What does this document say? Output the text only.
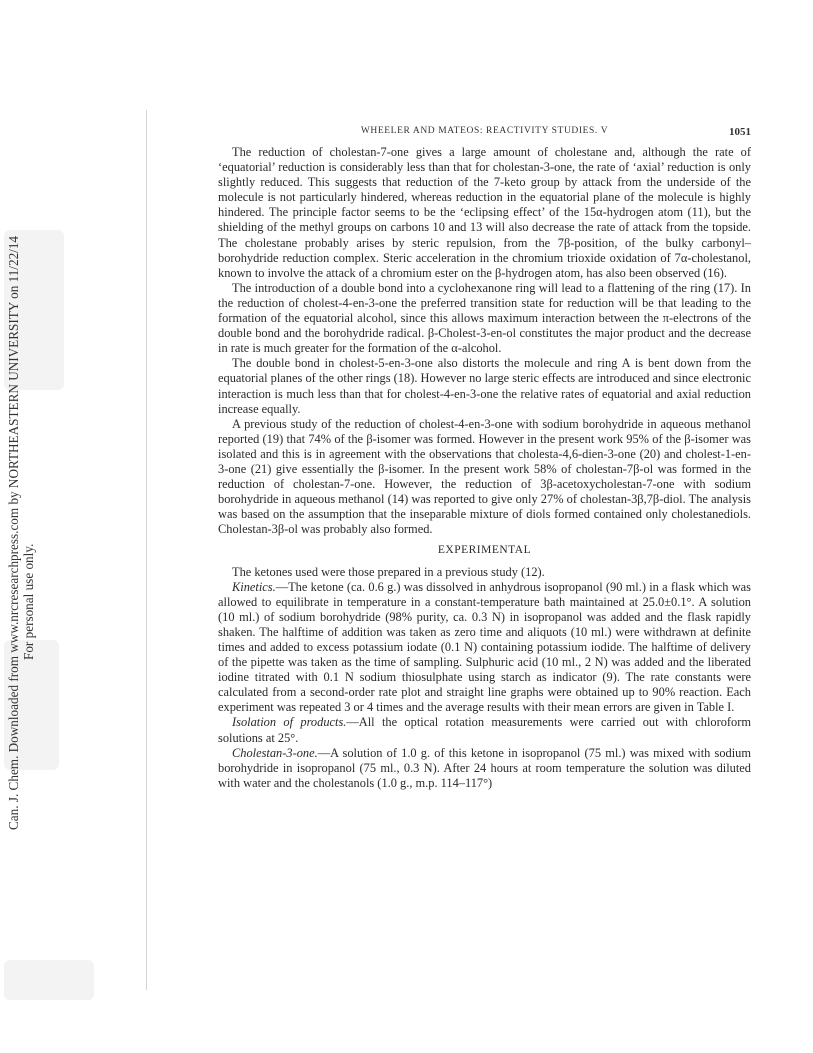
Can. J. Chem. Downloaded from www.nrcresearchpress.com by NORTHEASTERN UNIVERSITY on 11/22/14 For personal use only.
WHEELER AND MATEOS: REACTIVITY STUDIES. V	1051

The reduction of cholestan-7-one gives a large amount of cholestane and, although the rate of ‘equatorial’ reduction is considerably less than that for cholestan-3-one, the rate of ‘axial’ reduction is only slightly reduced. This suggests that reduction of the 7-keto group by attack from the underside of the molecule is not particularly hindered, whereas reduction in the equatorial plane of the molecule is highly hindered. The principle factor seems to be the ‘eclipsing effect’ of the 15α-hydrogen atom (11), but the shielding of the methyl groups on carbons 10 and 13 will also decrease the rate of attack from the topside. The cholestane probably arises by steric repulsion, from the 7β-position, of the bulky carbonyl–borohydride reduction complex. Steric acceleration in the chromium trioxide oxidation of 7α-cholestanol, known to involve the attack of a chromium ester on the β-hydrogen atom, has also been observed (16).

The introduction of a double bond into a cyclohexanone ring will lead to a flattening of the ring (17). In the reduction of cholest-4-en-3-one the preferred transition state for reduction will be that leading to the formation of the equatorial alcohol, since this allows maximum interaction between the π-electrons of the double bond and the borohydride radical. β-Cholest-3-en-ol constitutes the major product and the decrease in rate is much greater for the formation of the α-alcohol.

The double bond in cholest-5-en-3-one also distorts the molecule and ring A is bent down from the equatorial planes of the other rings (18). However no large steric effects are introduced and since electronic interaction is much less than that for cholest-4-en-3-one the relative rates of equatorial and axial reduction increase equally.

A previous study of the reduction of cholest-4-en-3-one with sodium borohydride in aqueous methanol reported (19) that 74% of the β-isomer was formed. However in the present work 95% of the β-isomer was isolated and this is in agreement with the observations that cholesta-4,6-dien-3-one (20) and cholest-1-en-3-one (21) give essentially the β-isomer. In the present work 58% of cholestan-7β-ol was formed in the reduction of cholestan-7-one. However, the reduction of 3β-acetoxycholestan-7-one with sodium borohydride in aqueous methanol (14) was reported to give only 27% of cholestan-3β,7β-diol. The analysis was based on the assumption that the inseparable mixture of diols formed contained only cholestanediols. Cholestan-3β-ol was probably also formed.

EXPERIMENTAL

The ketones used were those prepared in a previous study (12).

Kinetics.—The ketone (ca. 0.6 g.) was dissolved in anhydrous isopropanol (90 ml.) in a flask which was allowed to equilibrate in temperature in a constant-temperature bath maintained at 25.0±0.1°. A solution (10 ml.) of sodium borohydride (98% purity, ca. 0.3 N) in isopropanol was added and the flask rapidly shaken. The halftime of addition was taken as zero time and aliquots (10 ml.) were withdrawn at definite times and added to excess potassium iodate (0.1 N) containing potassium iodide. The halftime of delivery of the pipette was taken as the time of sampling. Sulphuric acid (10 ml., 2 N) was added and the liberated iodine titrated with 0.1 N sodium thiosulphate using starch as indicator (9). The rate constants were calculated from a second-order rate plot and straight line graphs were obtained up to 90% reaction. Each experiment was repeated 3 or 4 times and the average results with their mean errors are given in Table I.

Isolation of products.—All the optical rotation measurements were carried out with chloroform solutions at 25°.

Cholestan-3-one.—A solution of 1.0 g. of this ketone in isopropanol (75 ml.) was mixed with sodium borohydride in isopropanol (75 ml., 0.3 N). After 24 hours at room temperature the solution was diluted with water and the cholestanols (1.0 g., m.p. 114–117°)
